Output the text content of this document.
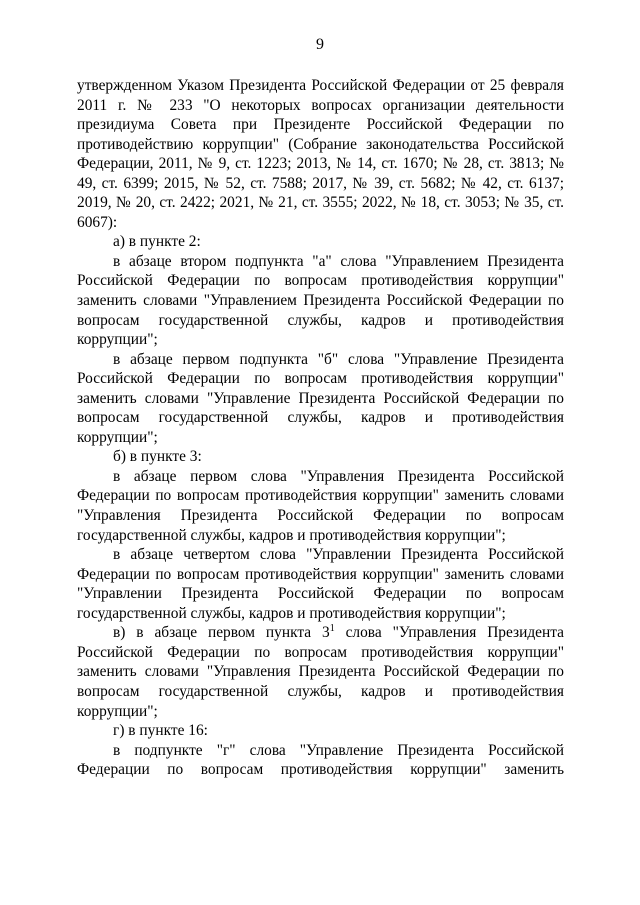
9

утвержденном Указом Президента Российской Федерации от 25 февраля 2011 г. № 233 "О некоторых вопросах организации деятельности президиума Совета при Президенте Российской Федерации по противодействию коррупции" (Собрание законодательства Российской Федерации, 2011, № 9, ст. 1223; 2013, № 14, ст. 1670; № 28, ст. 3813; № 49, ст. 6399; 2015, № 52, ст. 7588; 2017, № 39, ст. 5682; № 42, ст. 6137; 2019, № 20, ст. 2422; 2021, № 21, ст. 3555; 2022, № 18, ст. 3053; № 35, ст. 6067):

а) в пункте 2:

в абзаце втором подпункта "а" слова "Управлением Президента Российской Федерации по вопросам противодействия коррупции" заменить словами "Управлением Президента Российской Федерации по вопросам государственной службы, кадров и противодействия коррупции";

в абзаце первом подпункта "б" слова "Управление Президента Российской Федерации по вопросам противодействия коррупции" заменить словами "Управление Президента Российской Федерации по вопросам государственной службы, кадров и противодействия коррупции";

б) в пункте 3:

в абзаце первом слова "Управления Президента Российской Федерации по вопросам противодействия коррупции" заменить словами "Управления Президента Российской Федерации по вопросам государственной службы, кадров и противодействия коррупции";

в абзаце четвертом слова "Управлении Президента Российской Федерации по вопросам противодействия коррупции" заменить словами "Управлении Президента Российской Федерации по вопросам государственной службы, кадров и противодействия коррупции";

в) в абзаце первом пункта $3^1$ слова "Управления Президента Российской Федерации по вопросам противодействия коррупции" заменить словами "Управления Президента Российской Федерации по вопросам государственной службы, кадров и противодействия коррупции";

г) в пункте 16:

в подпункте "г" слова "Управление Президента Российской Федерации по вопросам противодействия коррупции" заменить
